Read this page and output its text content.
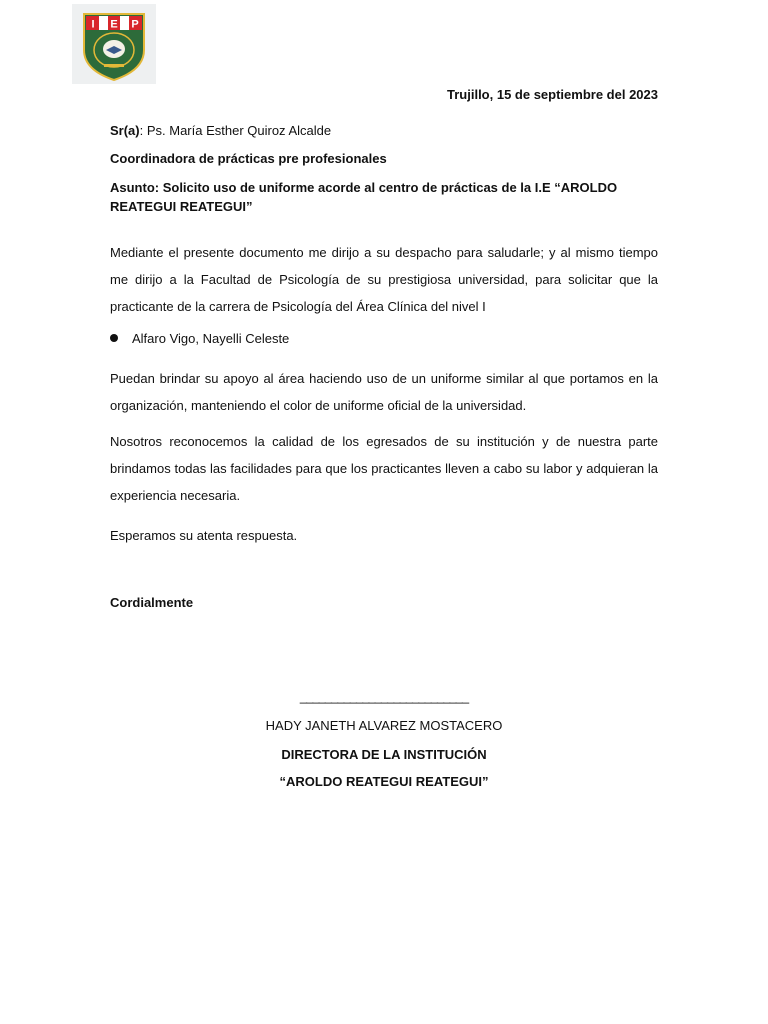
I E P
Trujillo, 15 de septiembre del 2023
Sr(a): Ps. María Esther Quiroz Alcalde
Coordinadora de prácticas pre profesionales
Asunto: Solicito uso de uniforme acorde al centro de prácticas de la I.E “AROLDO REATEGUI REATEGUI”
Mediante el presente documento me dirijo a su despacho para saludarle; y al mismo tiempo me dirijo a la Facultad de Psicología de su prestigiosa universidad, para solicitar que la practicante de la carrera de Psicología del Área Clínica del nivel I
Alfaro Vigo, Nayelli Celeste
Puedan brindar su apoyo al área haciendo uso de un uniforme similar al que portamos en la organización, manteniendo el color de uniforme oficial de la universidad.
Nosotros reconocemos la calidad de los egresados de su institución y de nuestra parte brindamos todas las facilidades para que los practicantes lleven a cabo su labor y adquieran la experiencia necesaria.
Esperamos su atenta respuesta.
Cordialmente
___________________________
HADY JANETH ALVAREZ MOSTACERO
DIRECTORA DE LA INSTITUCIÓN
“AROLDO REATEGUI REATEGUI”
